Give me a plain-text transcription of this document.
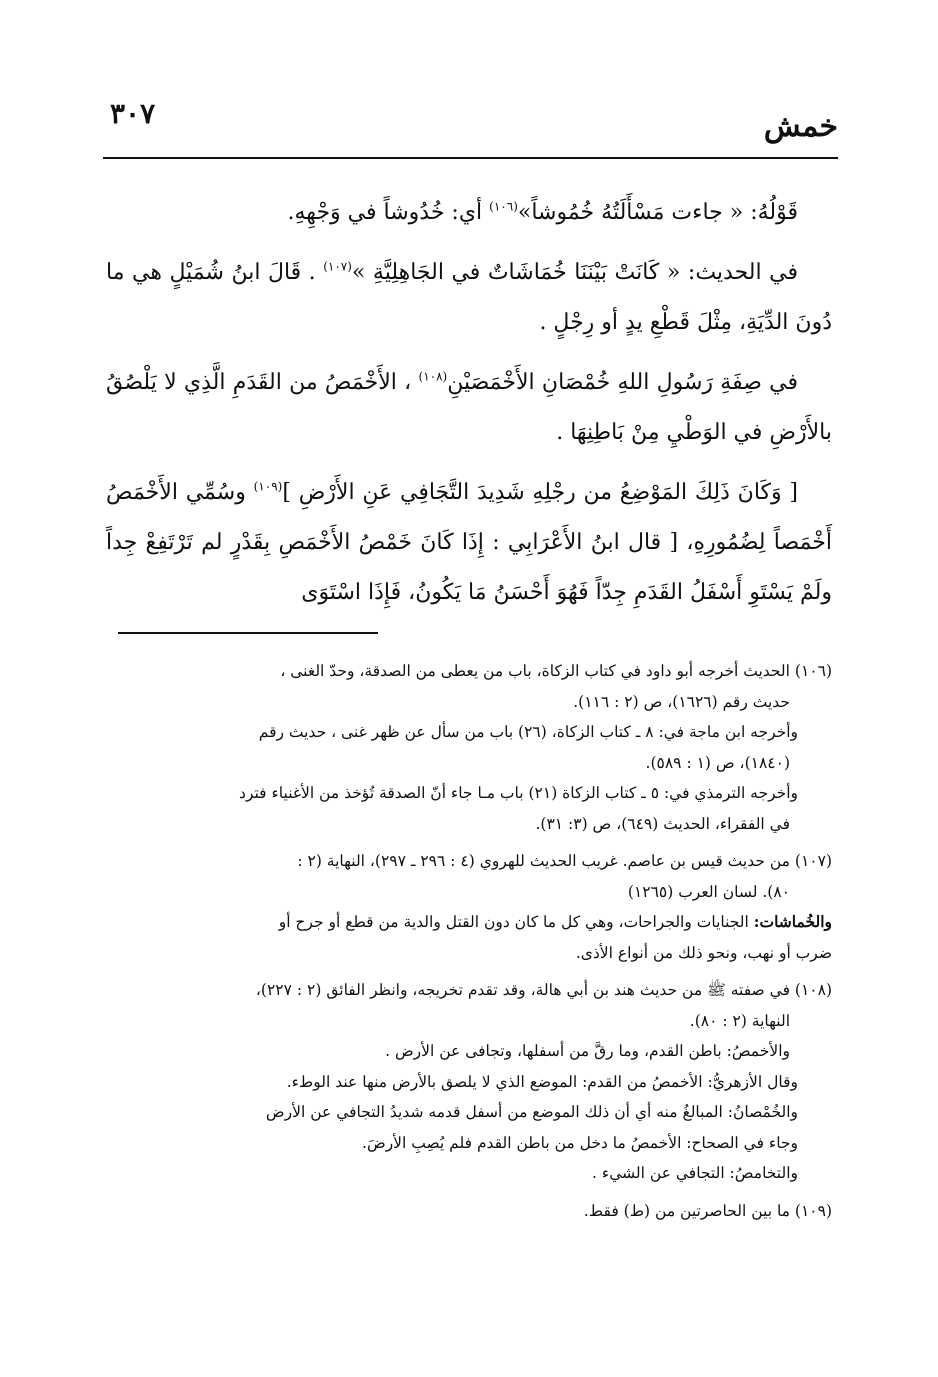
خمش
٣٠٧

قَوْلُهُ: « جاءت مَسْأَلَتُهُ خُمُوشاً»$^{(١٠٦)}$ أي: خُدُوشاً في وَجْهِهِ.

في الحديث: « كَانَتْ بَيْنَنَا خُمَاشَاتٌ في الجَاهِلِيَّةِ »$^{(١٠٧)}$ . قَالَ ابنُ شُمَيْلٍ هي ما دُونَ الدِّيَةِ، مِثْلَ قَطْعِ يدٍ أو رِجْلٍ .

في صِفَةِ رَسُولِ اللهِ خُمْصَانِ الأَخْمَصَيْنِ$^{(١٠٨)}$ ، الأَخْمَصُ من القَدَمِ الَّذِي لا يَلْصُقُ بالأَرْضِ في الوَطْيِ مِنْ بَاطِنِهَا .

[ وَكَانَ ذَلِكَ المَوْضِعُ من رجْلِهِ شَدِيدَ التَّجَافِي عَنِ الأَرْضِ ]$^{(١٠٩)}$ وسُمِّي الأَخْمَصُ أَخْمَصاً لِضُمُورِهِ، [ قال ابنُ الأَعْرَابِي : إِذَا كَانَ خَمْصُ الأَخْمَصِ بِقَدْرٍ لم تَرْتَفِعْ جِداً ولَمْ يَسْتَوِ أَسْفَلُ القَدَمِ جِدّاً فَهُوَ أَحْسَنُ مَا يَكُونُ، فَإِذَا اسْتَوَى

(١٠٦) الحديث أخرجه أبو داود في كتاب الزكاة، باب من يعطى من الصدقة، وحدّ الغنى ،
حديث رقم (١٦٢٦)، ص (٢ : ١١٦).
وأخرجه ابن ماجة في: ٨ ـ كتاب الزكاة، (٢٦) باب من سأل عن ظهر غنى ، حديث رقم
(١٨٤٠)، ص (١ : ٥٨٩).
وأخرجه الترمذي في: ٥ ـ كتاب الزكاة (٢١) باب مـا جاء أنّ الصدقة تُؤخذ من الأغنياء فترد
في الفقراء، الحديث (٦٤٩)، ص (٣: ٣١).
(١٠٧) من حديث قيس بن عاصم. غريب الحديث للهروي (٤ : ٢٩٦ ـ ٢٩٧)، النهاية (٢ :
٨٠). لسان العرب (١٢٦٥)
والخُماشات: الجنايات والجراحات، وهي كل ما كان دون القتل والدية من قطع أو جرح أو
ضرب أو نهب، ونحو ذلك من أنواع الأذى.
(١٠٨) في صفته ﷺ من حديث هند بن أبي هالة، وقد تقدم تخريجه، وانظر الفائق (٢ : ٢٢٧)،
النهاية (٢ : ٨٠).
والأخمصُ: باطن القدم، وما رقَّ من أسفلها، وتجافى عن الأرض .
وقال الأزهريُّ: الأخمصُ من القدم: الموضع الذي لا يلصق بالأرض منها عند الوطء.
والخُمْصانُ: المبالغُ منه أي أن ذلك الموضع من أسفل قدمه شديدُ التجافي عن الأرض
وجاء في الصحاح: الأخمصُ ما دخل من باطن القدم فلم يُصِبِ الأرضَ.
والتخامصُ: التجافي عن الشيء .
(١٠٩) ما بين الحاصرتين من (ط) فقط.
